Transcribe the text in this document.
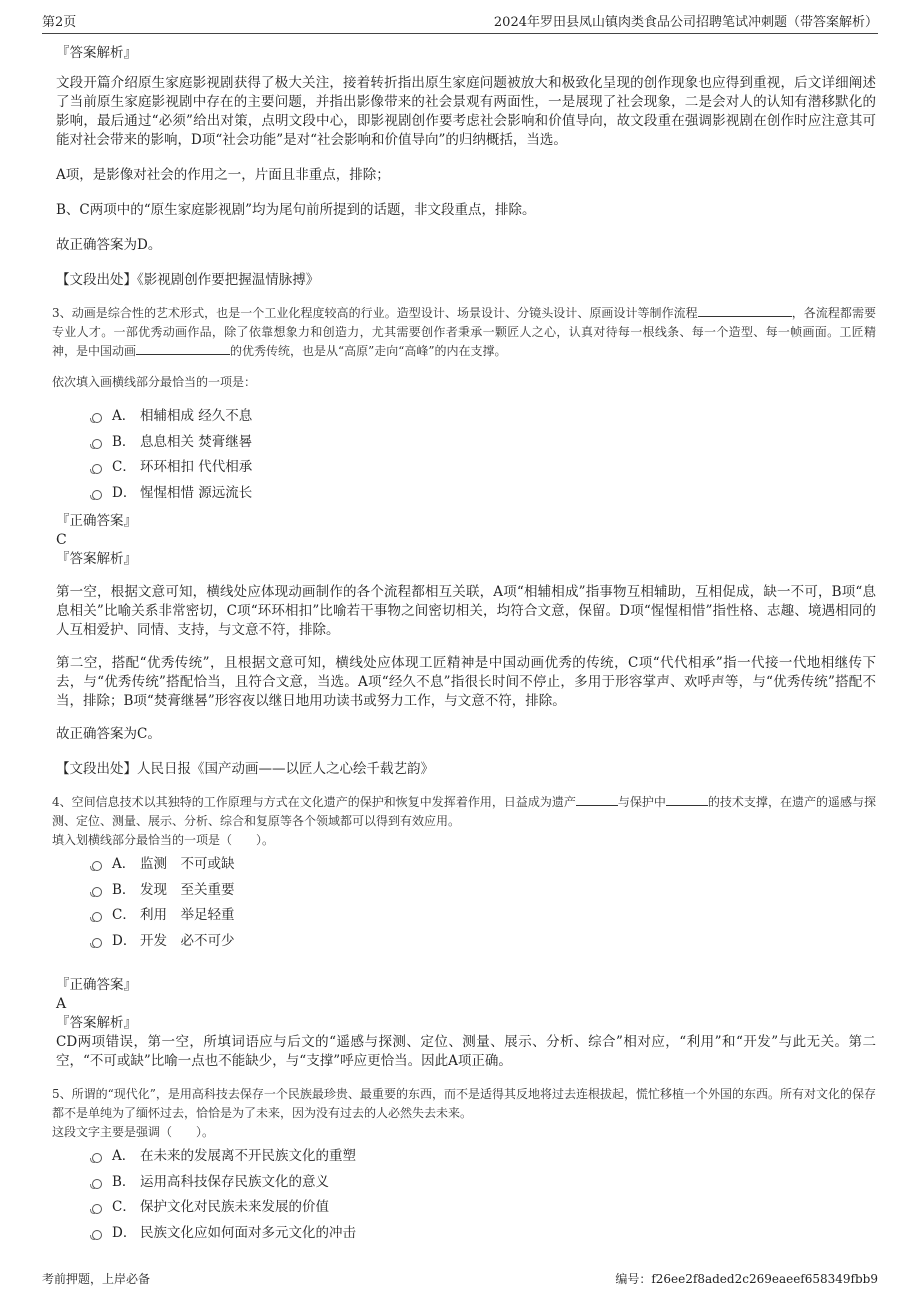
第2页	2024年罗田县凤山镇肉类食品公司招聘笔试冲刺题（带答案解析）
『答案解析』

文段开篇介绍原生家庭影视剧获得了极大关注，接着转折指出原生家庭问题被放大和极致化呈现的创作现象也应得到重视，后文详细阐述了当前原生家庭影视剧中存在的主要问题，并指出影像带来的社会景观有两面性，一是展现了社会现象，二是会对人的认知有潜移默化的影响，最后通过“必须”给出对策，点明文段中心，即影视剧创作要考虑社会影响和价值导向，故文段重在强调影视剧在创作时应注意其可能对社会带来的影响，D项“社会功能”是对“社会影响和价值导向”的归纳概括，当选。

A项，是影像对社会的作用之一，片面且非重点，排除；

B、C两项中的“原生家庭影视剧”均为尾句前所提到的话题，非文段重点，排除。

故正确答案为D。

【文段出处】《影视剧创作要把握温情脉搏》

3、动画是综合性的艺术形式，也是一个工业化程度较高的行业。造型设计、场景设计、分镜头设计、原画设计等制作流程	，各流程都需要专业人才。一部优秀动画作品，除了依靠想象力和创造力，尤其需要创作者秉承一颗匠人之心，认真对待每一根线条、每一个造型、每一帧画面。工匠精神，是中国动画	的优秀传统，也是从“高原”走向“高峰”的内在支撑。

依次填入画横线部分最恰当的一项是：

A． 相辅相成 经久不息
B． 息息相关 焚膏继晷
C． 环环相扣 代代相承
D． 惺惺相惜 源远流长
『正确答案』
C
『答案解析』

第一空，根据文意可知，横线处应体现动画制作的各个流程都相互关联，A项“相辅相成”指事物互相辅助，互相促成，缺一不可，B项“息息相关”比喻关系非常密切，C项“环环相扣”比喻若干事物之间密切相关，均符合文意，保留。D项“惺惺相惜”指性格、志趣、境遇相同的人互相爱护、同情、支持，与文意不符，排除。

第二空，搭配“优秀传统”，且根据文意可知，横线处应体现工匠精神是中国动画优秀的传统，C项“代代相承”指一代接一代地相继传下去，与“优秀传统”搭配恰当，且符合文意，当选。A项“经久不息”指很长时间不停止，多用于形容掌声、欢呼声等，与“优秀传统”搭配不当，排除；B项“焚膏继晷”形容夜以继日地用功读书或努力工作，与文意不符，排除。

故正确答案为C。

【文段出处】人民日报《国产动画——以匠人之心绘千载艺韵》

4、空间信息技术以其独特的工作原理与方式在文化遗产的保护和恢复中发挥着作用，日益成为遗产	与保护中	的技术支撑，在遗产的遥感与探测、定位、测量、展示、分析、综合和复原等各个领域都可以得到有效应用。

填入划横线部分最恰当的一项是（　　）。

A． 监测　不可或缺
B． 发现　至关重要
C． 利用　举足轻重
D． 开发　必不可少
『正确答案』
A
『答案解析』

CD两项错误，第一空，所填词语应与后文的“遥感与探测、定位、测量、展示、分析、综合”相对应，“利用”和“开发”与此无关。第二空，“不可或缺”比喻一点也不能缺少，与“支撑”呼应更恰当。因此A项正确。

5、所谓的“现代化”，是用高科技去保存一个民族最珍贵、最重要的东西，而不是适得其反地将过去连根拔起，慌忙移植一个外国的东西。所有对文化的保存都不是单纯为了缅怀过去，恰恰是为了未来，因为没有过去的人必然失去未来。

这段文字主要是强调（　　）。

A． 在未来的发展离不开民族文化的重塑
B． 运用高科技保存民族文化的意义
C． 保护文化对民族未来发展的价值
D． 民族文化应如何面对多元文化的冲击
考前押题，上岸必备	编号：f26ee2f8aded2c269eaeef658349fbb9
